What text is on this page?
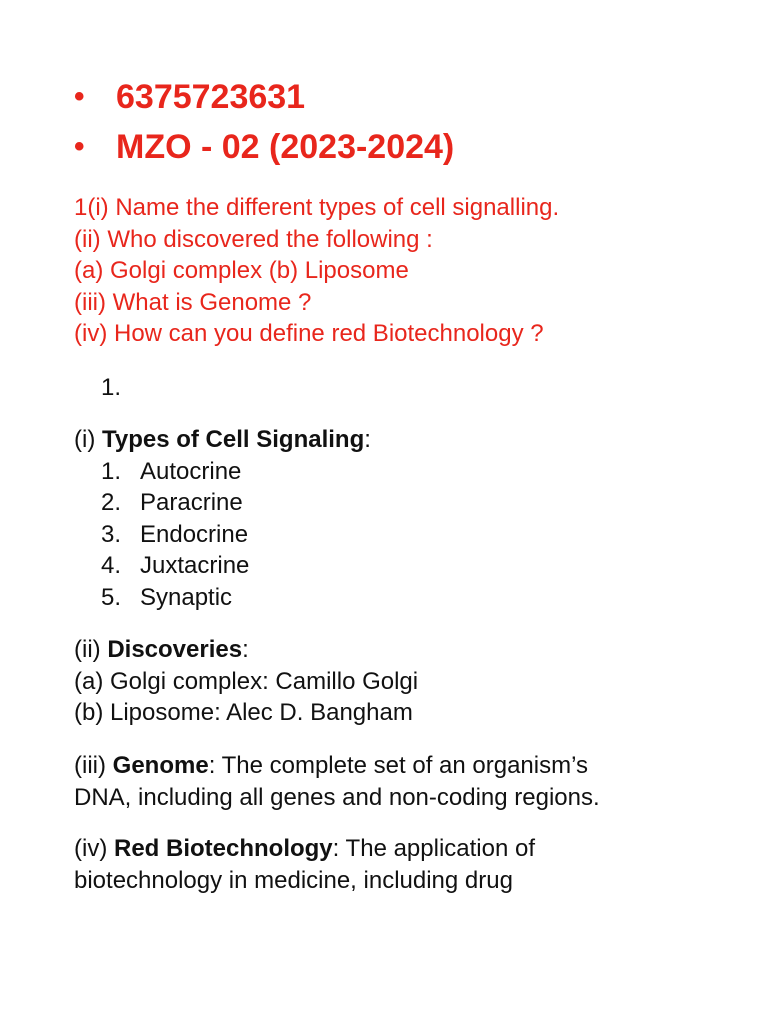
• 6375723631
• MZO - 02 (2023-2024)
1(i) Name the different types of cell signalling.
(ii) Who discovered the following :
(a) Golgi complex (b) Liposome
(iii) What is Genome ?
(iv) How can you define red Biotechnology ?
1.
(i) Types of Cell Signaling:
1. Autocrine
2. Paracrine
3. Endocrine
4. Juxtacrine
5. Synaptic
(ii) Discoveries:
(a) Golgi complex: Camillo Golgi
(b) Liposome: Alec D. Bangham
(iii) Genome: The complete set of an organism’s
DNA, including all genes and non-coding regions.
(iv) Red Biotechnology: The application of
biotechnology in medicine, including drug
